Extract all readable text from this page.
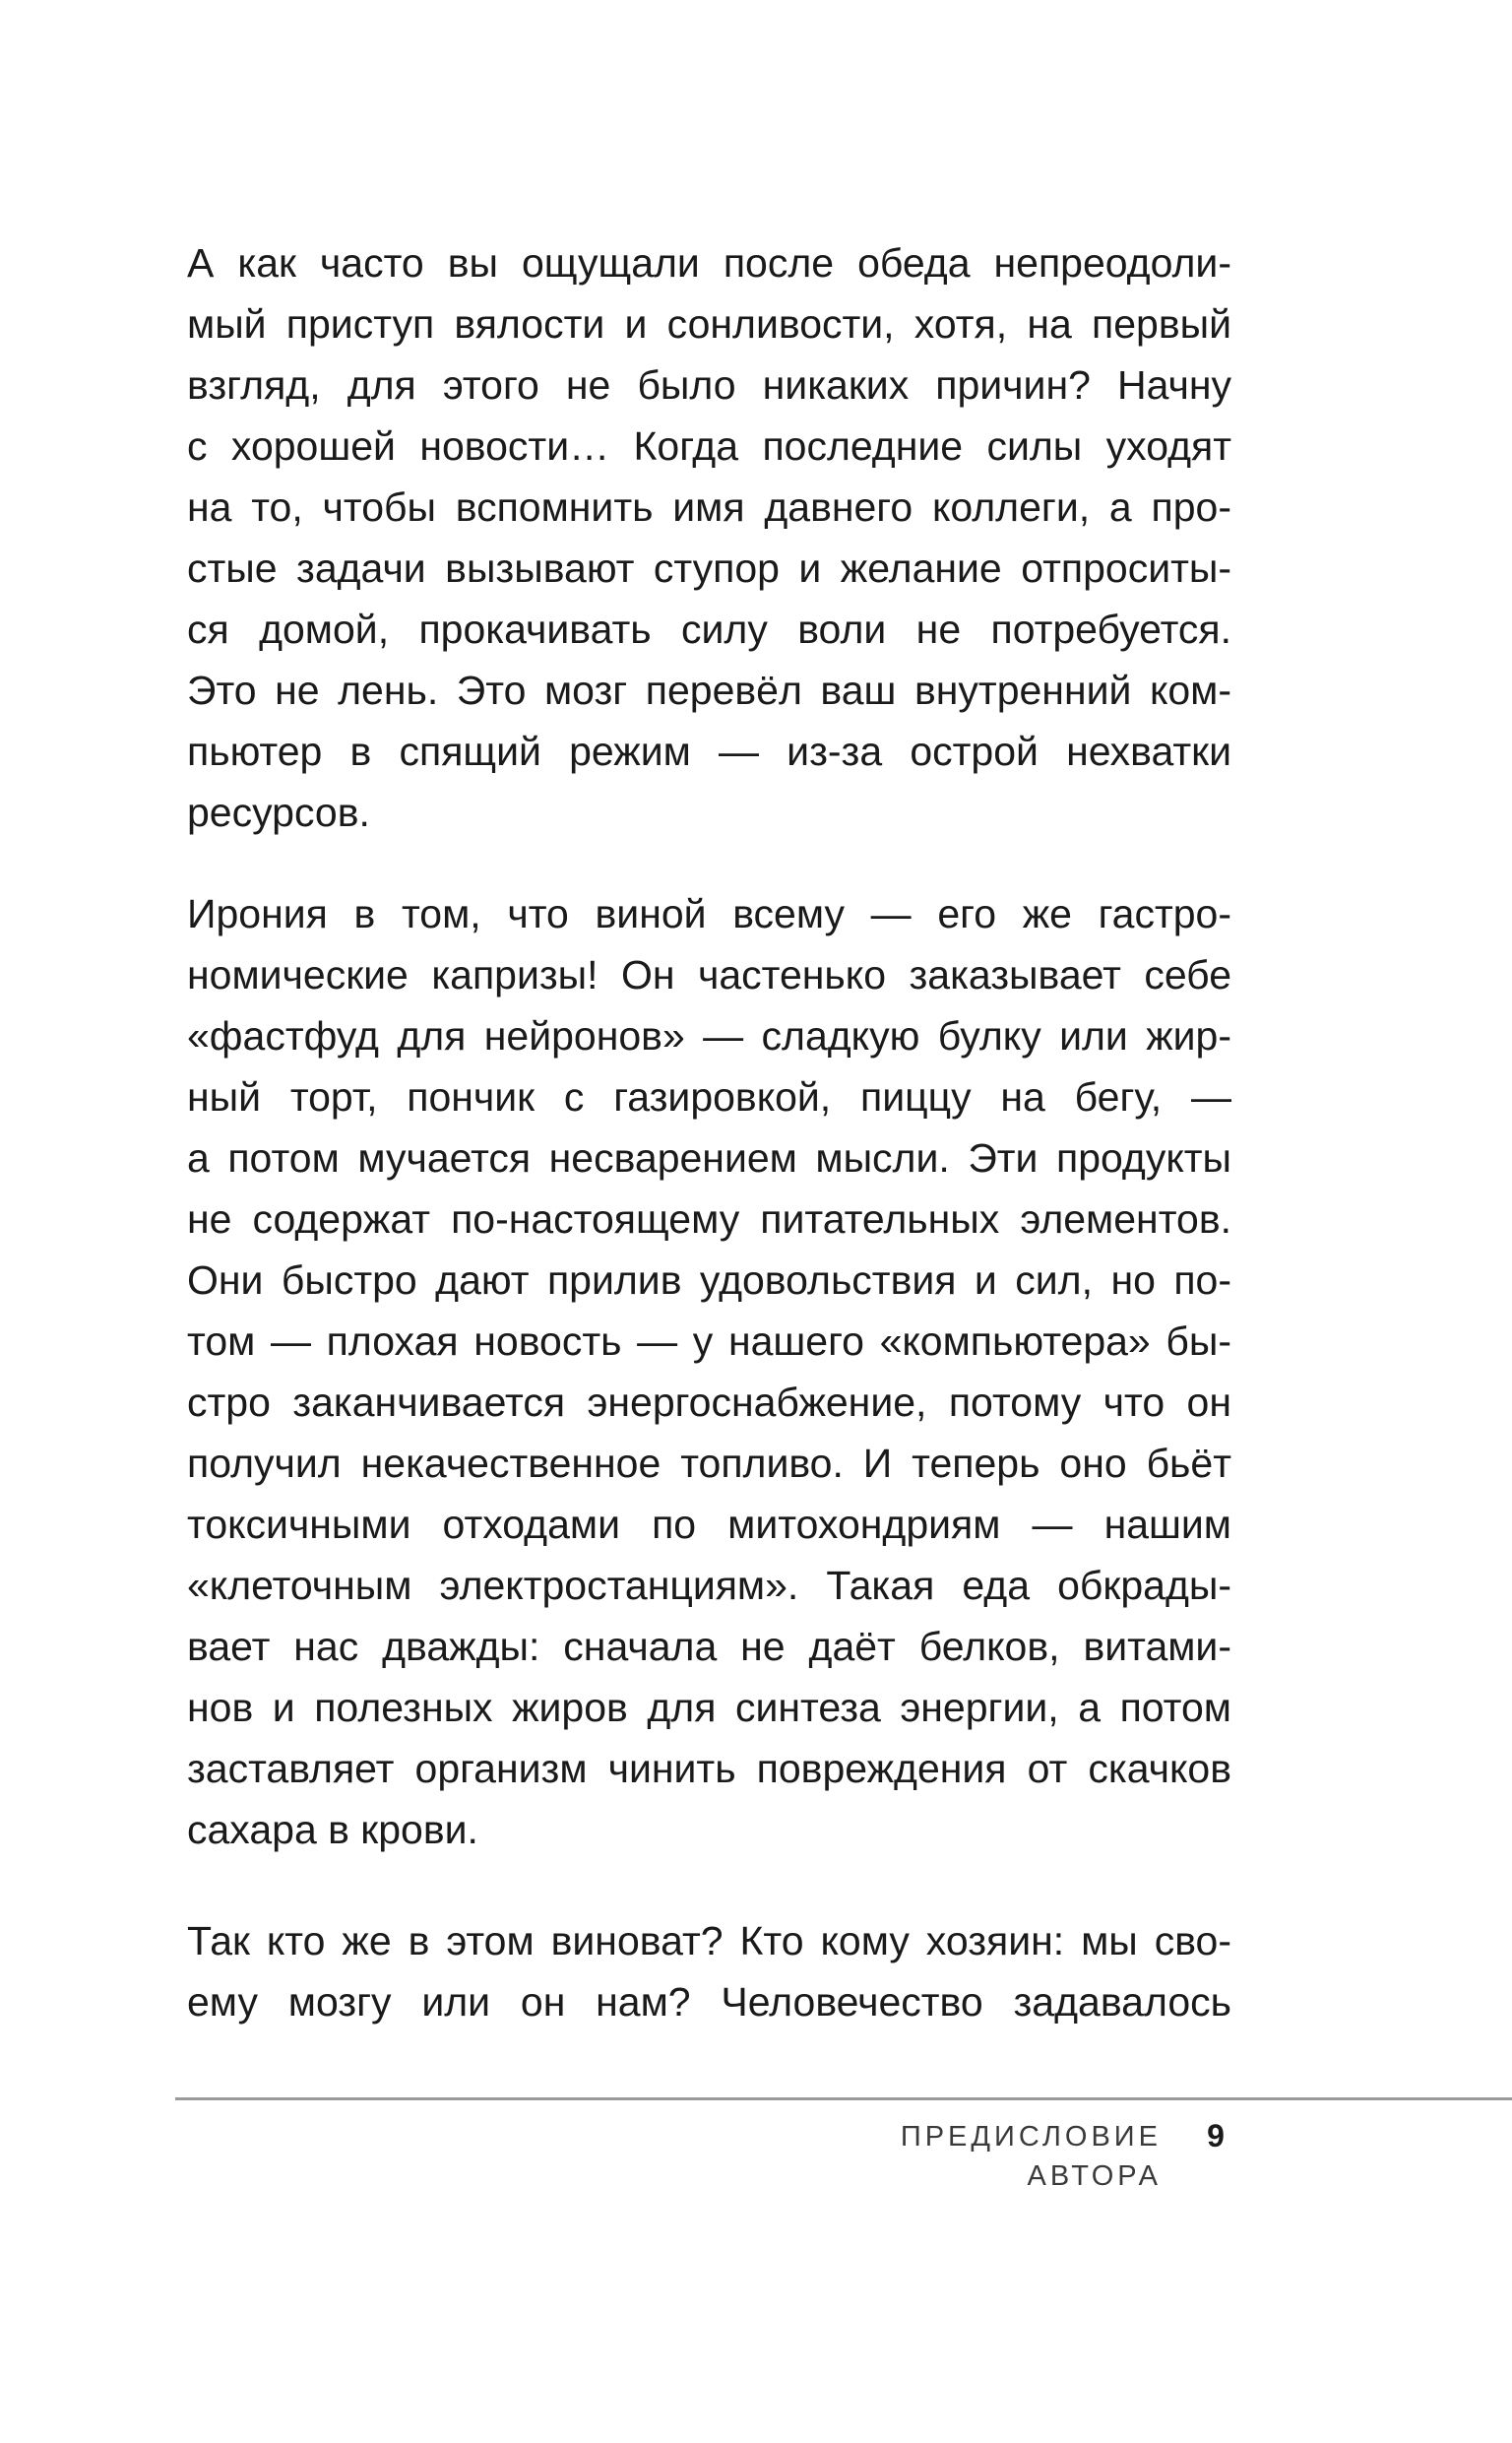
А как часто вы ощущали после обеда непреодоли-
мый приступ вялости и сонливости, хотя, на первый
взгляд, для этого не было никаких причин? Начну
с хорошей новости… Когда последние силы уходят
на то, чтобы вспомнить имя давнего коллеги, а про-
стые задачи вызывают ступор и желание отпроситы-
ся домой, прокачивать силу воли не потребуется.
Это не лень. Это мозг перевёл ваш внутренний ком-
пьютер в спящий режим — из-за острой нехватки
ресурсов.
Ирония в том, что виной всему — его же гастро-
номические капризы! Он частенько заказывает себе
«фастфуд для нейронов» — сладкую булку или жир-
ный торт, пончик с газировкой, пиццу на бегу, —
а потом мучается несварением мысли. Эти продукты
не содержат по-настоящему питательных элементов.
Они быстро дают прилив удовольствия и сил, но по-
том — плохая новость — у нашего «компьютера» бы-
стро заканчивается энергоснабжение, потому что он
получил некачественное топливо. И теперь оно бьёт
токсичными отходами по митохондриям — нашим
«клеточным электростанциям». Такая еда обкрады-
вает нас дважды: сначала не даёт белков, витами-
нов и полезных жиров для синтеза энергии, а потом
заставляет организм чинить повреждения от скачков
сахара в крови.
Так кто же в этом виноват? Кто кому хозяин: мы сво-
ему мозгу или он нам? Человечество задавалось
ПРЕДИСЛОВИЕ АВТОРА
9
